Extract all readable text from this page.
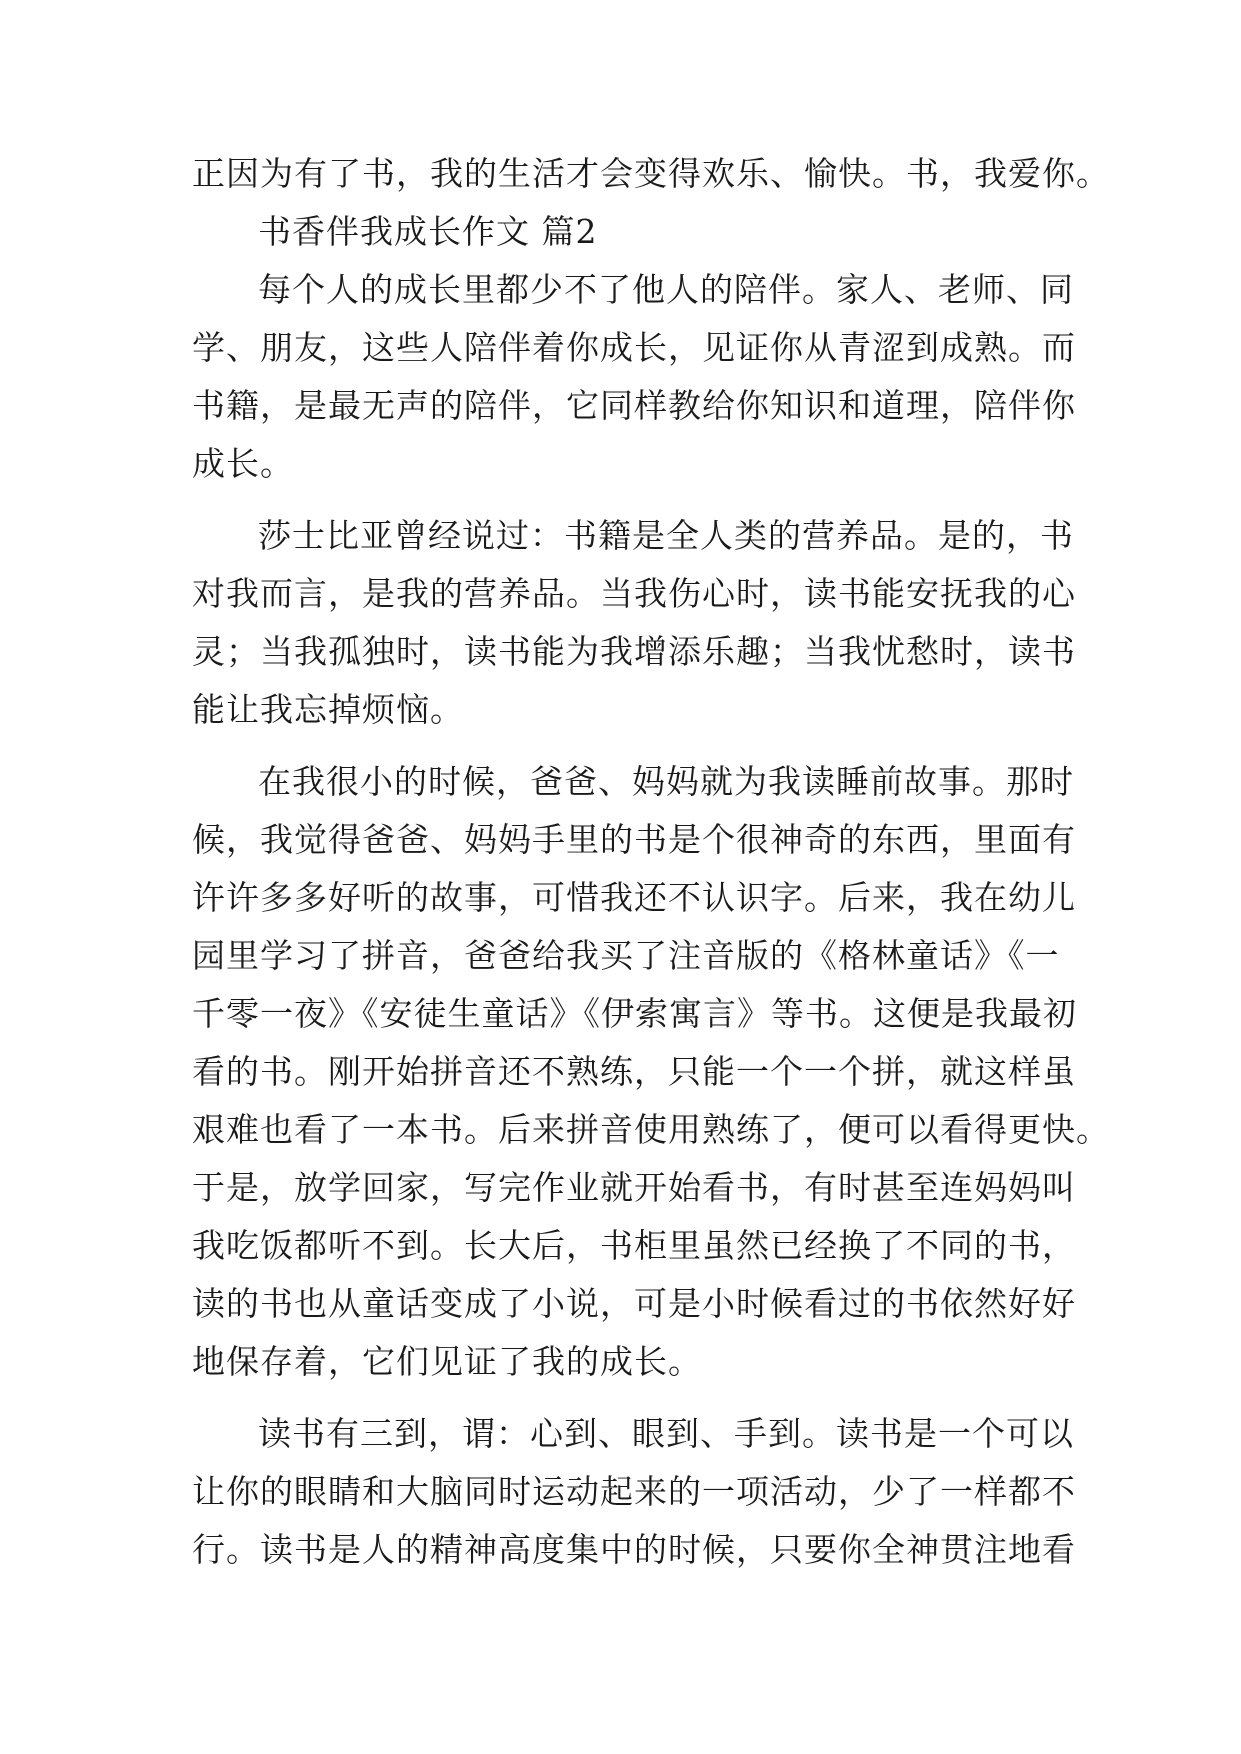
正因为有了书，我的生活才会变得欢乐、愉快。书，我爱你。
书香伴我成长作文 篇2
每个人的成长里都少不了他人的陪伴。家人、老师、同
学、朋友，这些人陪伴着你成长，见证你从青涩到成熟。而
书籍，是最无声的陪伴，它同样教给你知识和道理，陪伴你
成长。
莎士比亚曾经说过：书籍是全人类的营养品。是的，书
对我而言，是我的营养品。当我伤心时，读书能安抚我的心
灵；当我孤独时，读书能为我增添乐趣；当我忧愁时，读书
能让我忘掉烦恼。
在我很小的时候，爸爸、妈妈就为我读睡前故事。那时
候，我觉得爸爸、妈妈手里的书是个很神奇的东西，里面有
许许多多好听的故事，可惜我还不认识字。后来，我在幼儿
园里学习了拼音，爸爸给我买了注音版的《格林童话》《一
千零一夜》《安徒生童话》《伊索寓言》等书。这便是我最初
看的书。刚开始拼音还不熟练，只能一个一个拼，就这样虽
艰难也看了一本书。后来拼音使用熟练了，便可以看得更快。
于是，放学回家，写完作业就开始看书，有时甚至连妈妈叫
我吃饭都听不到。长大后，书柜里虽然已经换了不同的书，
读的书也从童话变成了小说，可是小时候看过的书依然好好
地保存着，它们见证了我的成长。
读书有三到，谓：心到、眼到、手到。读书是一个可以
让你的眼睛和大脑同时运动起来的一项活动，少了一样都不
行。读书是人的精神高度集中的时候，只要你全神贯注地看
